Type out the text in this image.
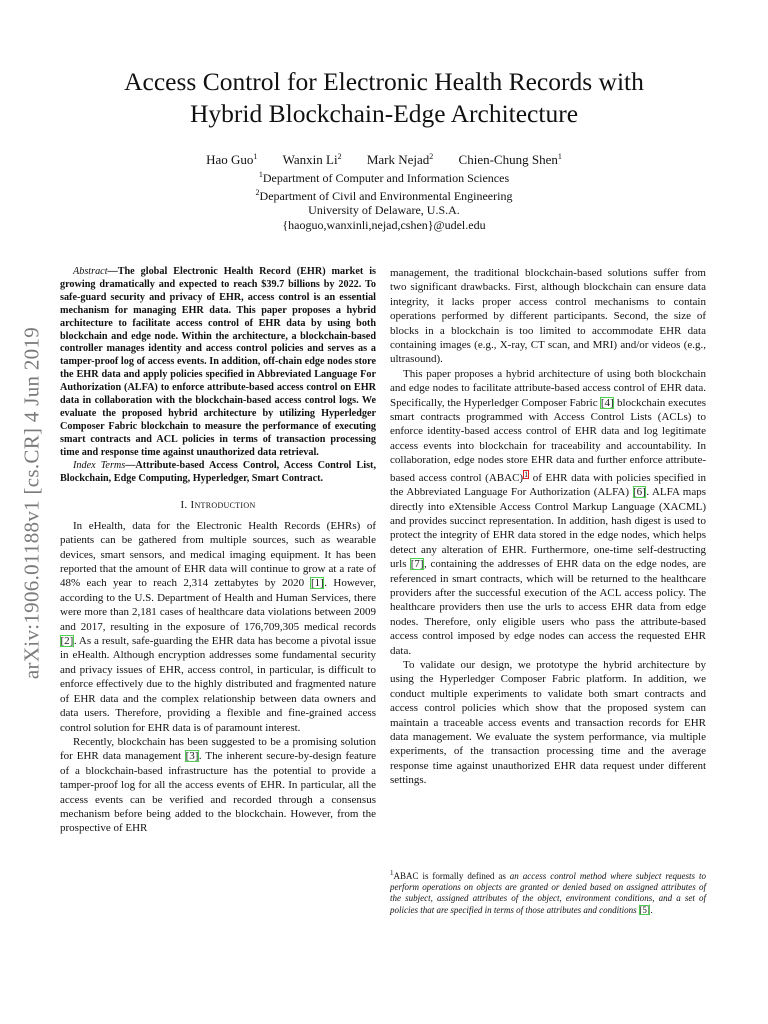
arXiv:1906.01188v1 [cs.CR] 4 Jun 2019
Access Control for Electronic Health Records with
Hybrid Blockchain-Edge Architecture
Hao Guo$^1$ Wanxin Li$^2$ Mark Nejad$^2$ Chien-Chung Shen$^1$
$^1$Department of Computer and Information Sciences
$^2$Department of Civil and Environmental Engineering
University of Delaware, U.S.A.
{haoguo,wanxinli,nejad,cshen}@udel.edu

Abstract—The global Electronic Health Record (EHR) market is growing dramatically and expected to reach $39.7 billions by 2022. To safe-guard security and privacy of EHR, access control is an essential mechanism for managing EHR data. This paper proposes a hybrid architecture to facilitate access control of EHR data by using both blockchain and edge node. Within the architecture, a blockchain-based controller manages identity and access control policies and serves as a tamper-proof log of access events. In addition, off-chain edge nodes store the EHR data and apply policies specified in Abbreviated Language For Authorization (ALFA) to enforce attribute-based access control on EHR data in collaboration with the blockchain-based access control logs. We evaluate the proposed hybrid architecture by utilizing Hyperledger Composer Fabric blockchain to measure the performance of executing smart contracts and ACL policies in terms of transaction processing time and response time against unauthorized data retrieval.

Index Terms—Attribute-based Access Control, Access Control List, Blockchain, Edge Computing, Hyperledger, Smart Contract.

I. Introduction

In eHealth, data for the Electronic Health Records (EHRs) of patients can be gathered from multiple sources, such as wearable devices, smart sensors, and medical imaging equipment. It has been reported that the amount of EHR data will continue to grow at a rate of 48% each year to reach 2,314 zettabytes by 2020 [1]. However, according to the U.S. Department of Health and Human Services, there were more than 2,181 cases of healthcare data violations between 2009 and 2017, resulting in the exposure of 176,709,305 medical records [2]. As a result, safe-guarding the EHR data has become a pivotal issue in eHealth. Although encryption addresses some fundamental security and privacy issues of EHR, access control, in particular, is difficult to enforce effectively due to the highly distributed and fragmented nature of EHR data and the complex relationship between data owners and data users. Therefore, providing a flexible and fine-grained access control solution for EHR data is of paramount interest.

Recently, blockchain has been suggested to be a promising solution for EHR data management [3]. The inherent secure-by-design feature of a blockchain-based infrastructure has the potential to provide a tamper-proof log for all the access events of EHR. In particular, all the access events can be verified and recorded through a consensus mechanism before being added to the blockchain. However, from the prospective of EHR

management, the traditional blockchain-based solutions suffer from two significant drawbacks. First, although blockchain can ensure data integrity, it lacks proper access control mechanisms to contain operations performed by different participants. Second, the size of blocks in a blockchain is too limited to accommodate EHR data containing images (e.g., X-ray, CT scan, and MRI) and/or videos (e.g., ultrasound).

This paper proposes a hybrid architecture of using both blockchain and edge nodes to facilitate attribute-based access control of EHR data. Specifically, the Hyperledger Composer Fabric [4] blockchain executes smart contracts programmed with Access Control Lists (ACLs) to enforce identity-based access control of EHR data and log legitimate access events into blockchain for traceability and accountability. In collaboration, edge nodes store EHR data and further enforce attribute-based access control (ABAC)$^1$ of EHR data with policies specified in the Abbreviated Language For Authorization (ALFA) [6]. ALFA maps directly into eXtensible Access Control Markup Language (XACML) and provides succinct representation. In addition, hash digest is used to protect the integrity of EHR data stored in the edge nodes, which helps detect any alteration of EHR. Furthermore, one-time self-destructing urls [7], containing the addresses of EHR data on the edge nodes, are referenced in smart contracts, which will be returned to the healthcare providers after the successful execution of the ACL access policy. The healthcare providers then use the urls to access EHR data from edge nodes. Therefore, only eligible users who pass the attribute-based access control imposed by edge nodes can access the requested EHR data.

To validate our design, we prototype the hybrid architecture by using the Hyperledger Composer Fabric platform. In addition, we conduct multiple experiments to validate both smart contracts and access control policies which show that the proposed system can maintain a traceable access events and transaction records for EHR data management. We evaluate the system performance, via multiple experiments, of the transaction processing time and the average response time against unauthorized EHR data request under different settings.

$^1$ABAC is formally defined as an access control method where subject requests to perform operations on objects are granted or denied based on assigned attributes of the subject, assigned attributes of the object, environment conditions, and a set of policies that are specified in terms of those attributes and conditions [5].
